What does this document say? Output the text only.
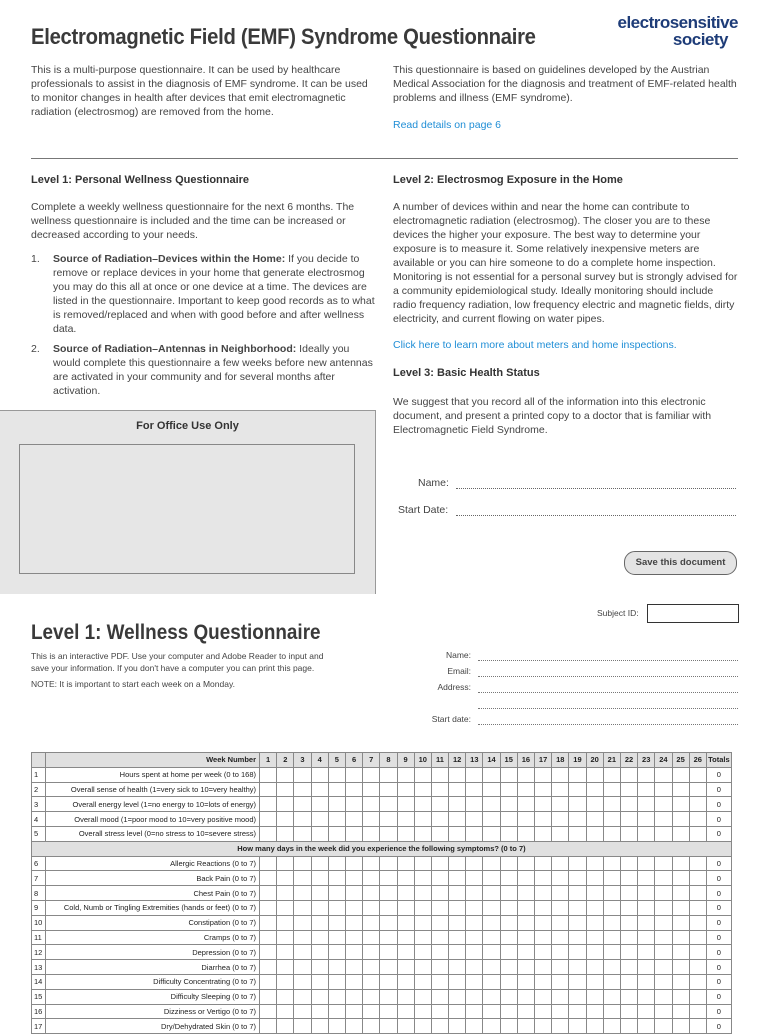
Electromagnetic Field (EMF) Syndrome Questionnaire
electrosensitive
society
This is a multi-purpose questionnaire. It can be used by healthcare professionals to assist in the diagnosis of EMF syndrome. It can be used to monitor changes in health after devices that emit electromagnetic radiation (electrosmog) are removed from the home.
This questionnaire is based on guidelines developed by the Austrian Medical Association for the diagnosis and treatment of EMF-related health problems and illness (EMF syndrome).
Read details on page 6
Level 1: Personal Wellness Questionnaire
Complete a weekly wellness questionnaire for the next 6 months. The wellness questionnaire is included and the time can be increased or decreased according to your needs.
1. Source of Radiation–Devices within the Home: If you decide to remove or replace devices in your home that generate electrosmog you may do this all at once or one device at a time. The devices are listed in the questionnaire. Important to keep good records as to what is removed/replaced and when with good before and after wellness data.
2. Source of Radiation–Antennas in Neighborhood: Ideally you would complete this questionnaire a few weeks before new antennas are activated in your community and for several months after activation.
Level 2: Electrosmog Exposure in the Home
A number of devices within and near the home can contribute to electromagnetic radiation (electrosmog). The closer you are to these devices the higher your exposure. The best way to determine your exposure is to measure it. Some relatively inexpensive meters are available or you can hire someone to do a complete home inspection. Monitoring is not essential for a personal survey but is strongly advised for a community epidemiological study. Ideally monitoring should include radio frequency radiation, low frequency electric and magnetic fields, dirty electricity, and current flowing on water pipes.
Click here to learn more about meters and home inspections.
Level 3: Basic Health Status
We suggest that you record all of the information into this electronic document, and present a printed copy to a doctor that is familiar with Electromagnetic Field Syndrome.
For Office Use Only
Name:
Start Date:
Save this document
Subject ID:
Level 1: Wellness Questionnaire
This is an interactive PDF. Use your computer and Adobe Reader to input and save your information. If you don't have a computer you can print this page.
NOTE: It is important to start each week on a Monday.
Name:
Email:
Address:
Start date:
	Week Number	1	2	3	4	5	6	7	8	9	10	11	12	13	14	15	16	17	18	19	20	21	22	23	24	25	26	Totals
1	Hours spent at home per week (0 to 168)																											0
2	Overall sense of health (1=very sick to 10=very healthy)																											0
3	Overall energy level (1=no energy to 10=lots of energy)																											0
4	Overall mood (1=poor mood to 10=very positive mood)																											0
5	Overall stress level (0=no stress to 10=severe stress)																											0
How many days in the week did you experience the following symptoms? (0 to 7)																												
6	Allergic Reactions (0 to 7)																											0
7	Back Pain (0 to 7)																											0
8	Chest Pain (0 to 7)																											0
9	Cold, Numb or Tingling Extremities (hands or feet) (0 to 7)																											0
10	Constipation (0 to 7)																											0
11	Cramps (0 to 7)																											0
12	Depression (0 to 7)																											0
13	Diarrhea (0 to 7)																											0
14	Difficulty Concentrating (0 to 7)																											0
15	Difficulty Sleeping (0 to 7)																											0
16	Dizziness or Vertigo (0 to 7)																											0
17	Dry/Dehydrated Skin (0 to 7)																											0
